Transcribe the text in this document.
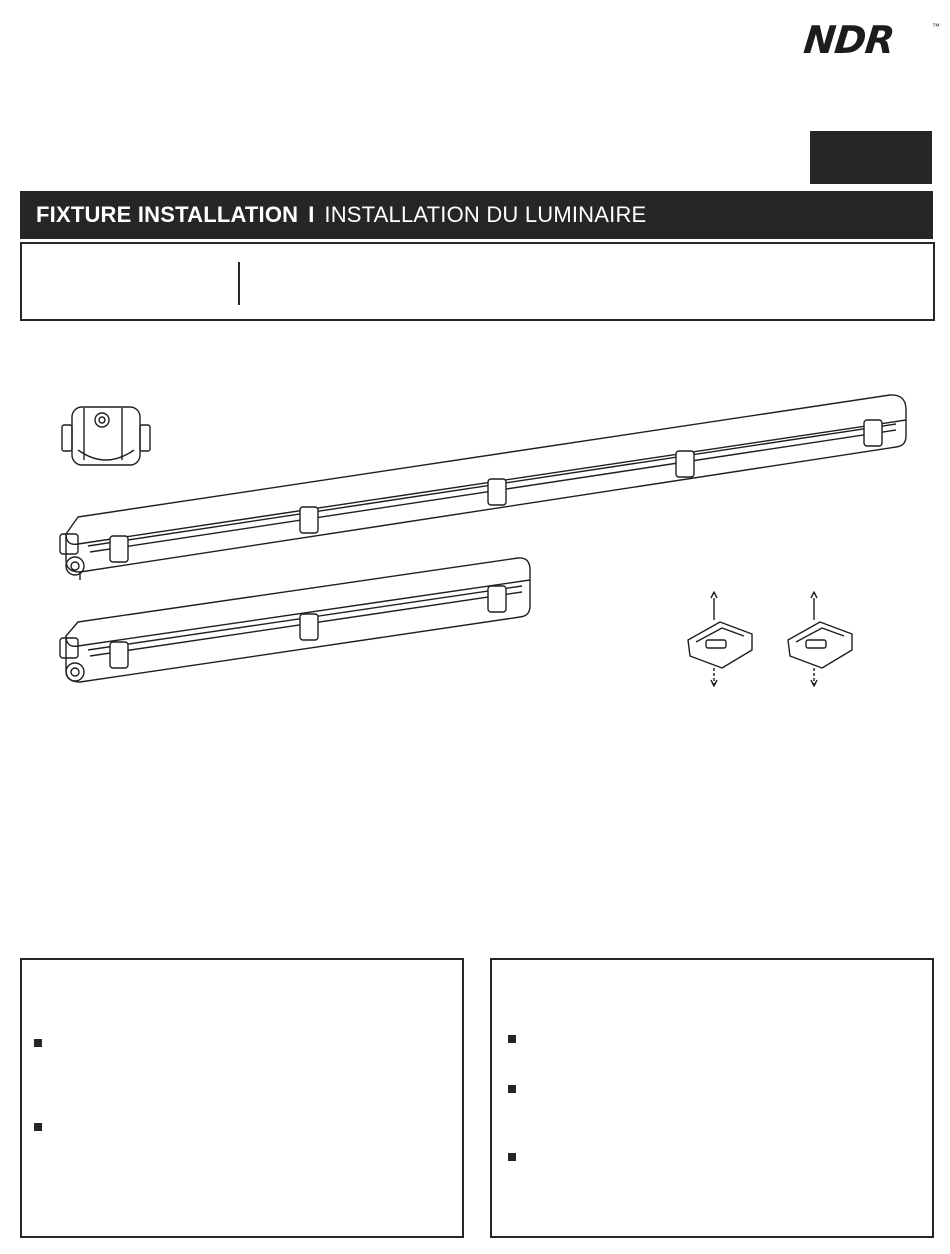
NDR	™
FIXTURE INSTALLATION I INSTALLATION DU LUMINAIRE
